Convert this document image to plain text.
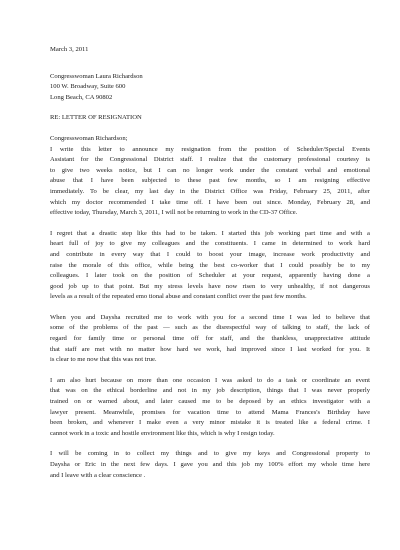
March 3, 2011
Congresswoman Laura Richardson
100 W. Broadway, Suite 600
Long Beach, CA 90802
RE: LETTER OF RESIGNATION
Congresswoman Richardson;
I write this letter to announce my resignation from the position of Scheduler/Special Events
Assistant for the Congressional District staff. I realize that the customary professional courtesy is
to give two weeks notice, but I can no longer work under the constant verbal and emotional
abuse that I have been subjected to these past few months, so I am resigning effective
immediately. To be clear, my last day in the District Office was Friday, February 25, 2011, after
which my doctor recommended I take time off. I have been out since. Monday, February 28, and
effective today, Thursday, March 3, 2011, I will not be returning to work in the CD-37 Office.
I regret that a drastic step like this had to be taken. I started this job working part time and with a
heart full of joy to give my colleagues and the constituents. I came in determined to work hard
and contribute in every way that I could to boost your image, increase work productivity and
raise the morale of this office, while being the best co-worker that I could possibly be to my
colleagues. I later took on the position of Scheduler at your request, apparently having done a
good job up to that point. But my stress levels have now risen to very unhealthy, if not dangerous
levels as a result of the repeated emo tional abuse and constant conflict over the past few months.
When you and Daysha recruited me to work with you for a second time I was led to believe that
some of the problems of the past — such as the disrespectful way of talking to staff, the lack of
regard for family time or personal time off for staff, and the thankless, unappreciative attitude
that staff are met with no matter how hard we work, had improved since I last worked for you. It
is clear to me now that this was not true.
I am also hurt because on more than one occasion I was asked to do a task or coordinate an event
that was on the ethical borderline and not in my job description, things that I was never properly
trained on or warned about, and later caused me to be deposed by an ethics investigator with a
lawyer present. Meanwhile, promises for vacation time to attend Mama Frances's Birthday have
been broken, and whenever I make even a very minor mistake it is treated like a federal crime. I
cannot work in a toxic and hostile environment like this, which is why I resign today.
I will be coming in to collect my things and to give my keys and Congressional property to
Daysha or Eric in the next few days. I gave you and this job my 100% effort my whole time here
and I leave with a clear conscience .
